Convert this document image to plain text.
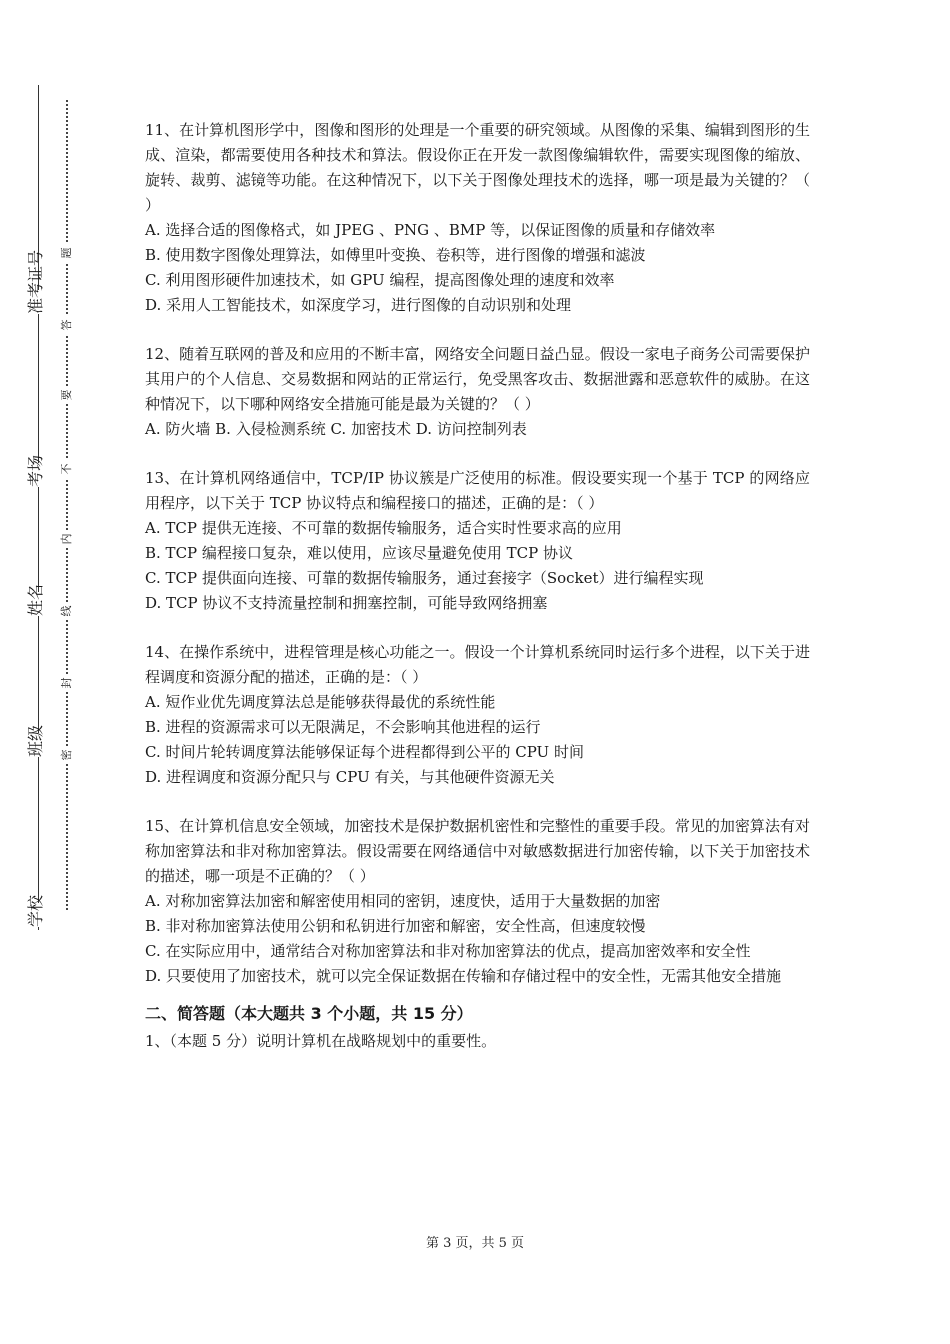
准考证号
考场
姓名
班级
学校
题
答
要
不
内
线
封
密

11、在计算机图形学中，图像和图形的处理是一个重要的研究领域。从图像的采集、编辑到图形的生成、渲染，都需要使用各种技术和算法。假设你正在开发一款图像编辑软件，需要实现图像的缩放、旋转、裁剪、滤镜等功能。在这种情况下，以下关于图像处理技术的选择，哪一项是最为关键的？（ ）

A. 选择合适的图像格式，如 JPEG 、PNG 、BMP 等，以保证图像的质量和存储效率

B. 使用数字图像处理算法，如傅里叶变换、卷积等，进行图像的增强和滤波

C. 利用图形硬件加速技术，如 GPU 编程，提高图像处理的速度和效率

D. 采用人工智能技术，如深度学习，进行图像的自动识别和处理

12、随着互联网的普及和应用的不断丰富，网络安全问题日益凸显。假设一家电子商务公司需要保护其用户的个人信息、交易数据和网站的正常运行，免受黑客攻击、数据泄露和恶意软件的威胁。在这种情况下，以下哪种网络安全措施可能是最为关键的？（ ）

A. 防火墙 B. 入侵检测系统 C. 加密技术 D. 访问控制列表

13、在计算机网络通信中，TCP/IP 协议簇是广泛使用的标准。假设要实现一个基于 TCP 的网络应用程序，以下关于 TCP 协议特点和编程接口的描述，正确的是：（ ）

A. TCP 提供无连接、不可靠的数据传输服务，适合实时性要求高的应用

B. TCP 编程接口复杂，难以使用，应该尽量避免使用 TCP 协议

C. TCP 提供面向连接、可靠的数据传输服务，通过套接字（Socket）进行编程实现

D. TCP 协议不支持流量控制和拥塞控制，可能导致网络拥塞

14、在操作系统中，进程管理是核心功能之一。假设一个计算机系统同时运行多个进程，以下关于进程调度和资源分配的描述，正确的是：（ ）

A. 短作业优先调度算法总是能够获得最优的系统性能

B. 进程的资源需求可以无限满足，不会影响其他进程的运行

C. 时间片轮转调度算法能够保证每个进程都得到公平的 CPU 时间

D. 进程调度和资源分配只与 CPU 有关，与其他硬件资源无关

15、在计算机信息安全领域，加密技术是保护数据机密性和完整性的重要手段。常见的加密算法有对称加密算法和非对称加密算法。假设需要在网络通信中对敏感数据进行加密传输，以下关于加密技术的描述，哪一项是不正确的？（ ）

A. 对称加密算法加密和解密使用相同的密钥，速度快，适用于大量数据的加密

B. 非对称加密算法使用公钥和私钥进行加密和解密，安全性高，但速度较慢

C. 在实际应用中，通常结合对称加密算法和非对称加密算法的优点，提高加密效率和安全性

D. 只要使用了加密技术，就可以完全保证数据在传输和存储过程中的安全性，无需其他安全措施

二、简答题（本大题共 3 个小题，共 15 分）

1、（本题 5 分）说明计算机在战略规划中的重要性。

第 3 页，共 5 页
